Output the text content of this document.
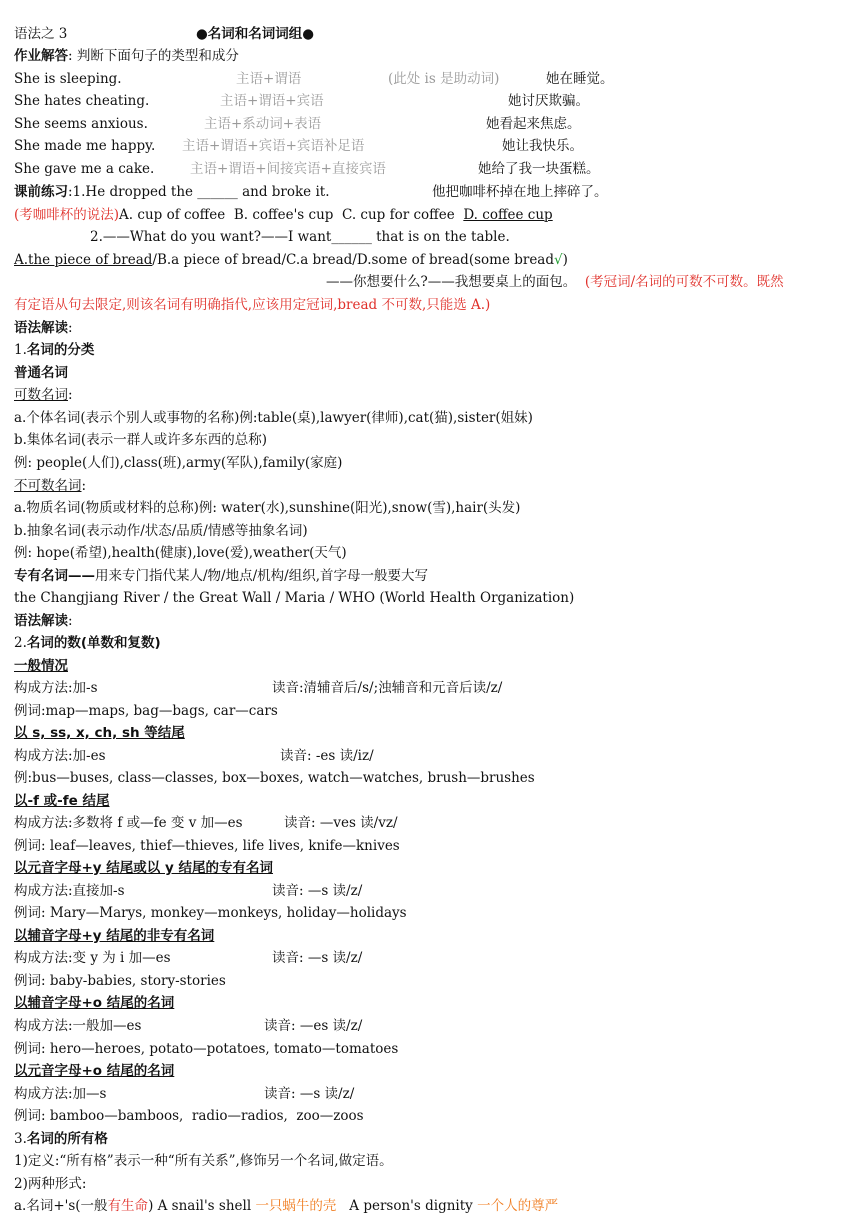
语法之 3	●名词和名词词组●
作业解答: 判断下面句子的类型和成分
She is sleeping.	主语+谓语	(此处 is 是助动词)	她在睡觉。
She hates cheating.	主语+谓语+宾语	她讨厌欺骗。
She seems anxious.	主语+系动词+表语	她看起来焦虑。
She made me happy. 主语+谓语+宾语+宾语补足语	她让我快乐。
She gave me a cake.	主语+谓语+间接宾语+直接宾语	她给了我一块蛋糕。
课前练习:1.He dropped the ______ and broke it.	他把咖啡杯掉在地上摔碎了。
(考咖啡杯的说法)A. cup of coffee  B. coffee's cup  C. cup for coffee  D. coffee cup
2.——What do you want?——I want______ that is on the table.
A.the piece of bread/B.a piece of bread/C.a bread/D.some of bread(some bread√)
——你想要什么?——我想要桌上的面包。 (考冠词/名词的可数不可数。既然
有定语从句去限定,则该名词有明确指代,应该用定冠词,bread 不可数,只能选 A.)
语法解读:
1.名词的分类
普通名词
可数名词:
a.个体名词(表示个别人或事物的名称)例:table(桌),lawyer(律师),cat(猫),sister(姐妹)
b.集体名词(表示一群人或许多东西的总称)
例: people(人们),class(班),army(军队),family(家庭)
不可数名词:
a.物质名词(物质或材料的总称)例: water(水),sunshine(阳光),snow(雪),hair(头发)
b.抽象名词(表示动作/状态/品质/情感等抽象名词)
例: hope(希望),health(健康),love(爱),weather(天气)
专有名词——用来专门指代某人/物/地点/机构/组织,首字母一般要大写
the Changjiang River / the Great Wall / Maria / WHO (World Health Organization)
语法解读:
2.名词的数(单数和复数)
一般情况
构成方法:加-s	读音:清辅音后/s/;浊辅音和元音后读/z/
例词:map—maps, bag—bags, car—cars
以 s, ss, x, ch, sh 等结尾
构成方法:加-es	读音: -es 读/iz/
例:bus—buses, class—classes, box—boxes, watch—watches, brush—brushes
以-f 或-fe 结尾
构成方法:多数将 f 或—fe 变 v 加—es	读音: —ves 读/vz/
例词: leaf—leaves, thief—thieves, life lives, knife—knives
以元音字母+y 结尾或以 y 结尾的专有名词
构成方法:直接加-s	读音: —s 读/z/
例词: Mary—Marys, monkey—monkeys, holiday—holidays
以辅音字母+y 结尾的非专有名词
构成方法:变 y 为 i 加—es	读音: —s 读/z/
例词: baby-babies, story-stories
以辅音字母+o 结尾的名词
构成方法:一般加—es	读音: —es 读/z/
例词: hero—heroes, potato—potatoes, tomato—tomatoes
以元音字母+o 结尾的名词
构成方法:加—s	读音: —s 读/z/
例词: bamboo—bamboos,  radio—radios,  zoo—zoos
3.名词的所有格
1)定义:“所有格”表示一种“所有关系”,修饰另一个名词,做定语。
2)两种形式:
a.名词+'s(一般有生命) A snail's shell 一只蜗牛的壳   A person's dignity 一个人的尊严
